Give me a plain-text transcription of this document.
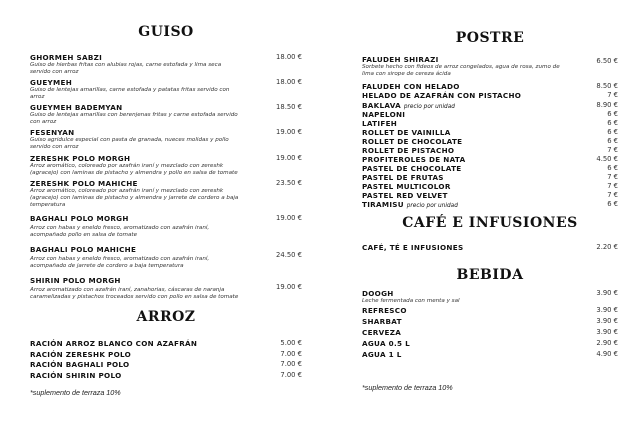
GUISO
GHORMEH SABZI
Guiso de hierbas fritas con alubias rojas, carne estofada y lima seca servido con arroz
18.00 €
GUEYMEH
Guiso de lentejas amarillas, carne estofada y patatas fritas servido con arroz
18.00 €
GUEYMEH BADEMYAN
Guiso de lentejas amarillas con berenjenas fritas y carne estofada servido con arroz
18.50 €
FESENYAN
Guiso agridulce especial con pasta de granada, nueces molidas y pollo servido con arroz
19.00 €
ZERESHK POLO MORGH
Arroz aromático, coloreado por azafrán iraní y mezclado con zereshk (agracejo) con laminas de pistacho y almendra y pollo en salsa de tomate
19.00 €
ZERESHK POLO MAHICHE
Arroz aromático, coloreado por azafrán iraní y mezclado con zereshk (agracejo) con laminas de pistacho y almendra y jarrete de cordero a baja temperatura
23.50 €
BAGHALI POLO MORGH
Arroz con habas y eneldo fresco, aromatizado con azafrán iraní, acompañado pollo en salsa de tomate
19.00 €
BAGHALI POLO MAHICHE
Arroz con habas y eneldo fresco, aromatizado con azafrán iraní, acompañado de jarrete de cordero a baja temperatura
24.50 €
SHIRIN POLO MORGH
Arroz aromatizado con azafrán iraní, zanahorias, cáscaras de naranja caramelizadas y pistachos troceados servido con pollo en salsa de tomate
19.00 €
ARROZ
RACIÓN ARROZ BLANCO CON AZAFRÁN	5.00 €
RACIÓN ZERESHK POLO	7.00 €
RACIÓN BAGHALI POLO	7.00 €
RACIÓN SHIRIN POLO	7.00 €
*suplemento de terraza 10%
POSTRE
FALUDEH SHIRAZI
Sorbete hecho con fideos de arroz congelados, agua de rosa, zumo de lima con sirope de cereza ácida
6.50 €
FALUDEH CON HELADO	8.50 €
HELADO DE AZAFRÁN CON PISTACHO	7 €
BAKLAVA precio por unidad	8.90 €
NAPELONI	6 €
LATIFEH	6 €
ROLLET DE VAINILLA	6 €
ROLLET DE CHOCOLATE	6 €
ROLLET DE PISTACHO	7 €
PROFITEROLES DE NATA	4.50 €
PASTEL DE CHOCOLATE	6 €
PASTEL DE FRUTAS	7 €
PASTEL MULTICOLOR	7 €
PASTEL RED VELVET	7 €
TIRAMISU precio por unidad	6 €
CAFÉ E INFUSIONES
CAFÉ, TÉ E INFUSIONES	2.20 €
BEBIDA
DOOGH
Leche fermentada con menta y sal
3.90 €
REFRESCO	3.90 €
SHARBAT	3.90 €
CERVEZA	3.90 €
AGUA 0.5 L	2.90 €
AGUA 1 L	4.90 €
*suplemento de terraza 10%
